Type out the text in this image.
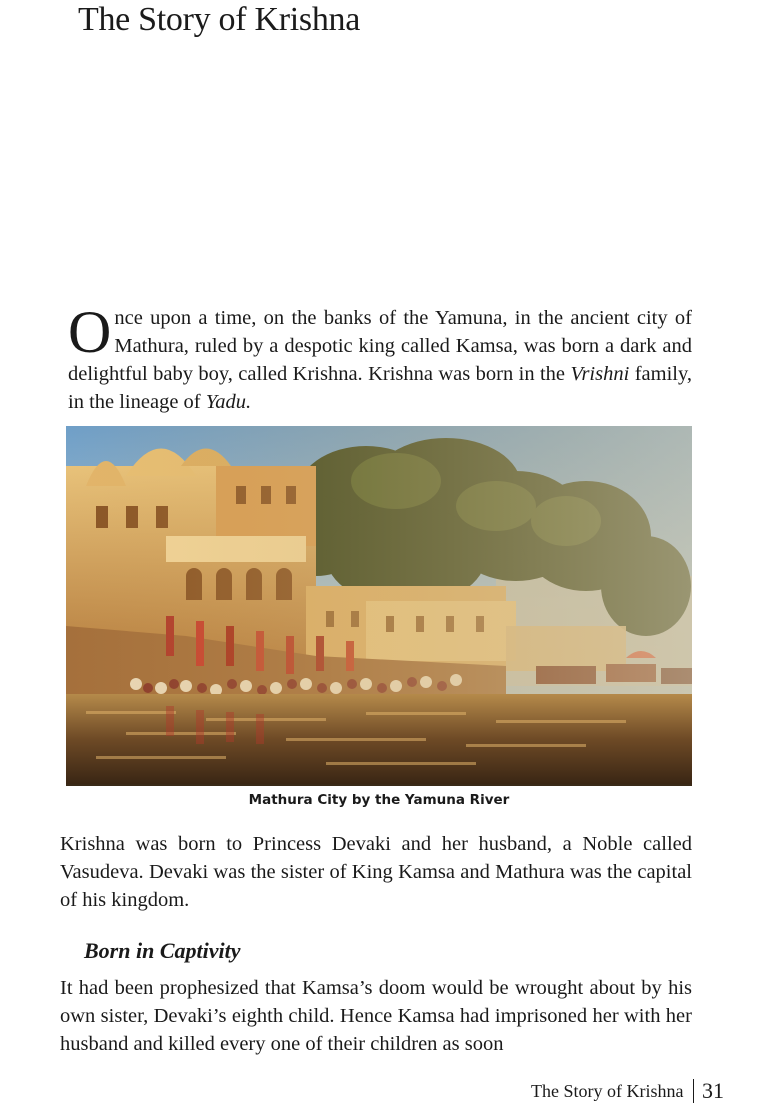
The Story of Krishna

Once upon a time, on the banks of the Yamuna, in the ancient city of Mathura, ruled by a despotic king called Kamsa, was born a dark and delightful baby boy, called Krishna. Krishna was born in the Vrishni family, in the lineage of Yadu.

Mathura City by the Yamuna River

Krishna was born to Princess Devaki and her husband, a Noble called Vasudeva. Devaki was the sister of King Kamsa and Mathura was the capital of his kingdom.

Born in Captivity

It had been prophesized that Kamsa’s doom would be wrought about by his own sister, Devaki’s eighth child. Hence Kamsa had imprisoned her with her husband and killed every one of their children as soon

The Story of Krishna 31
